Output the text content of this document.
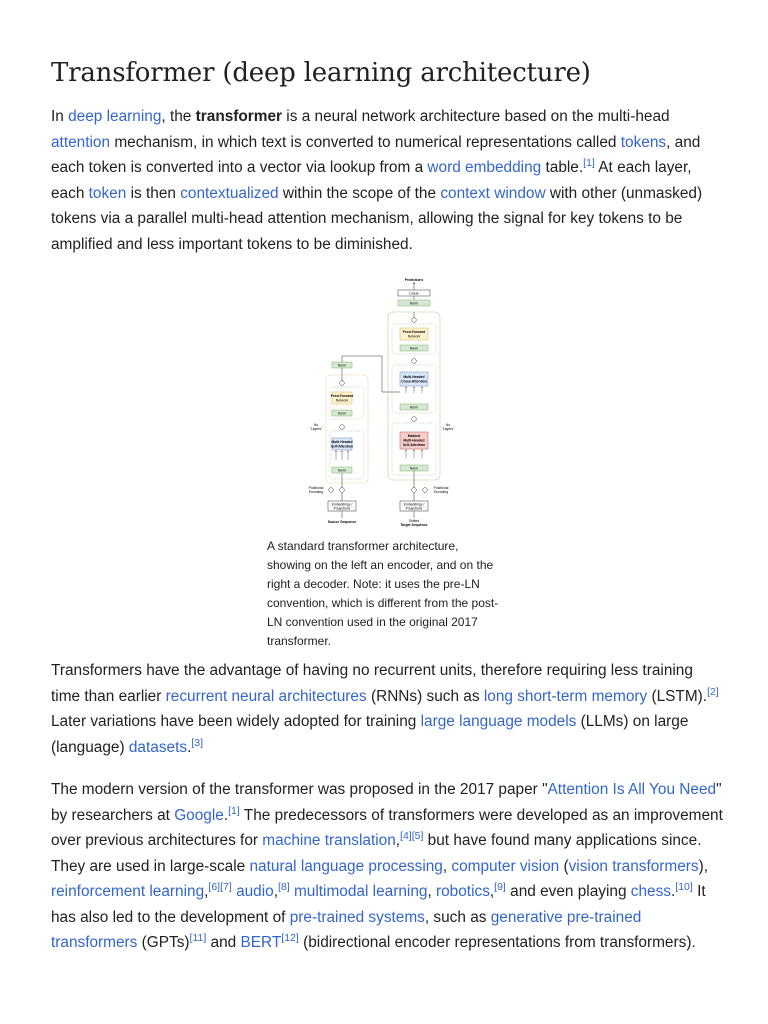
Transformer (deep learning architecture)

In deep learning, the transformer is a neural network architecture based on the multi-head attention mechanism, in which text is converted to numerical representations called tokens, and each token is converted into a vector via lookup from a word embedding table.[1] At each layer, each token is then contextualized within the scope of the context window with other (unmasked) tokens via a parallel multi-head attention mechanism, allowing the signal for key tokens to be amplified and less important tokens to be diminished.

Predictions
Linear
Norm
Feed-Forward
Network
Norm
Multi-Headed
Cross-Attention
Norm
Masked
Multi-Headed
Self-Attention
Norm
Positional
Encoding
Nx
"Layers"
Embeddings /
Projections
Shifted
Target Sequence
Norm
Feed-Forward
Network
Norm
Multi-Headed
Self-Attention
Norm
Positional
Encoding
Nx
"Layers"
Embeddings /
Projections
Source Sequence

A standard transformer architecture, showing on the left an encoder, and on the right a decoder. Note: it uses the pre-LN convention, which is different from the post-LN convention used in the original 2017 transformer.

Transformers have the advantage of having no recurrent units, therefore requiring less training time than earlier recurrent neural architectures (RNNs) such as long short-term memory (LSTM).[2] Later variations have been widely adopted for training large language models (LLMs) on large (language) datasets.[3]

The modern version of the transformer was proposed in the 2017 paper "Attention Is All You Need" by researchers at Google.[1] The predecessors of transformers were developed as an improvement over previous architectures for machine translation,[4][5] but have found many applications since. They are used in large-scale natural language processing, computer vision (vision transformers), reinforcement learning,[6][7] audio,[8] multimodal learning, robotics,[9] and even playing chess.[10] It has also led to the development of pre-trained systems, such as generative pre-trained transformers (GPTs)[11] and BERT[12] (bidirectional encoder representations from transformers).
